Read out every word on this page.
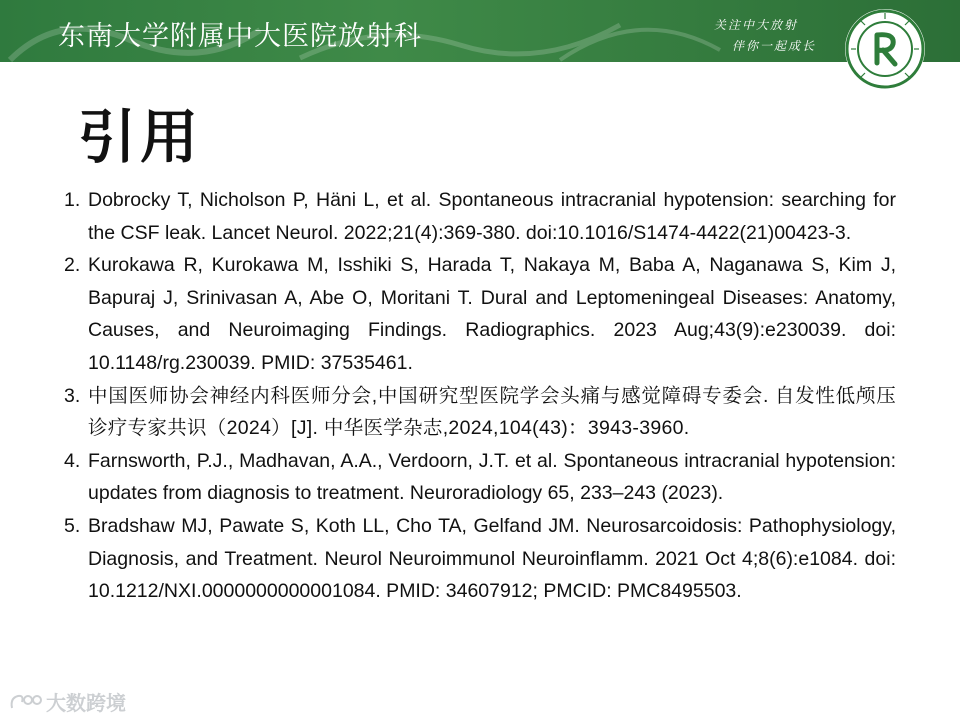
东南大学附属中大医院放射科	关注中大放射
伴你一起成长
引用
1. Dobrocky T, Nicholson P, Häni L, et al. Spontaneous intracranial hypotension: searching for the CSF leak. Lancet Neurol. 2022;21(4):369-380. doi:10.1016/S1474-4422(21)00423-3.
2. Kurokawa R, Kurokawa M, Isshiki S, Harada T, Nakaya M, Baba A, Naganawa S, Kim J, Bapuraj J, Srinivasan A, Abe O, Moritani T. Dural and Leptomeningeal Diseases: Anatomy, Causes, and Neuroimaging Findings. Radiographics. 2023 Aug;43(9):e230039. doi: 10.1148/rg.230039. PMID: 37535461.
3. 中国医师协会神经内科医师分会,中国研究型医院学会头痛与感觉障碍专委会. 自发性低颅压诊疗专家共识（2024）[J]. 中华医学杂志,2024,104(43)：3943-3960.
4. Farnsworth, P.J., Madhavan, A.A., Verdoorn, J.T. et al. Spontaneous intracranial hypotension: updates from diagnosis to treatment. Neuroradiology 65, 233–243 (2023).
5. Bradshaw MJ, Pawate S, Koth LL, Cho TA, Gelfand JM. Neurosarcoidosis: Pathophysiology, Diagnosis, and Treatment. Neurol Neuroimmunol Neuroinflamm. 2021 Oct 4;8(6):e1084. doi: 10.1212/NXI.0000000000001084. PMID: 34607912; PMCID: PMC8495503.
大数跨境
